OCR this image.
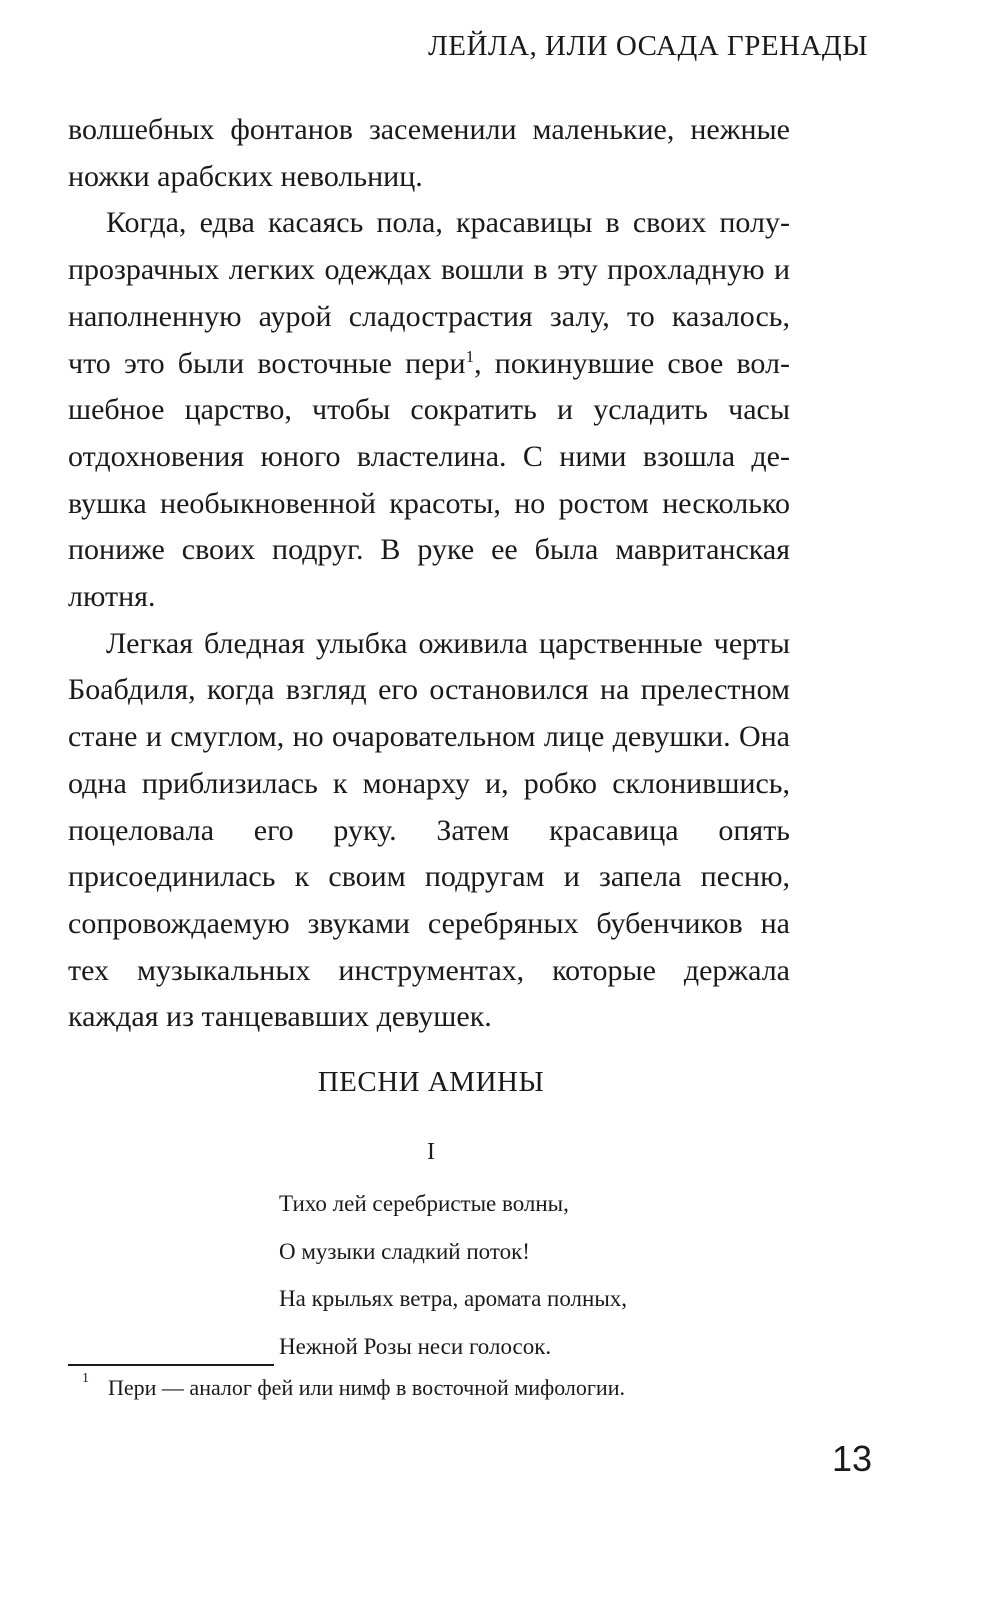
ЛЕЙЛА, ИЛИ ОСАДА ГРЕНАДЫ

волшебных фонтанов засеменили маленькие, нежные ножки арабских невольниц.

Когда, едва касаясь пола, красавицы в своих полупрозрачных легких одеждах вошли в эту прохладную и наполненную аурой сладострастия залу, то казалось, что это были восточные пери$^1$, покинувшие свое волшебное царство, чтобы сократить и усладить часы отдохновения юного властелина. С ними взошла девушка необыкновенной красоты, но ростом несколько пониже своих подруг. В руке ее была мавританская лютня.

Легкая бледная улыбка оживила царственные черты Боабдиля, когда взгляд его остановился на прелестном стане и смуглом, но очаровательном лице девушки. Она одна приблизилась к монарху и, робко склонившись, поцеловала его руку. Затем красавица опять присоединилась к своим подругам и запела песню, сопровождаемую звуками серебряных бубенчиков на тех музыкальных инструментах, которые держала каждая из танцевавших девушек.

ПЕСНИ АМИНЫ
I
Тихо лей серебристые волны,
О музыки сладкий поток!
На крыльях ветра, аромата полных,
Нежной Розы неси голосок.
1 Пери — аналог фей или нимф в восточной мифологии.
13
